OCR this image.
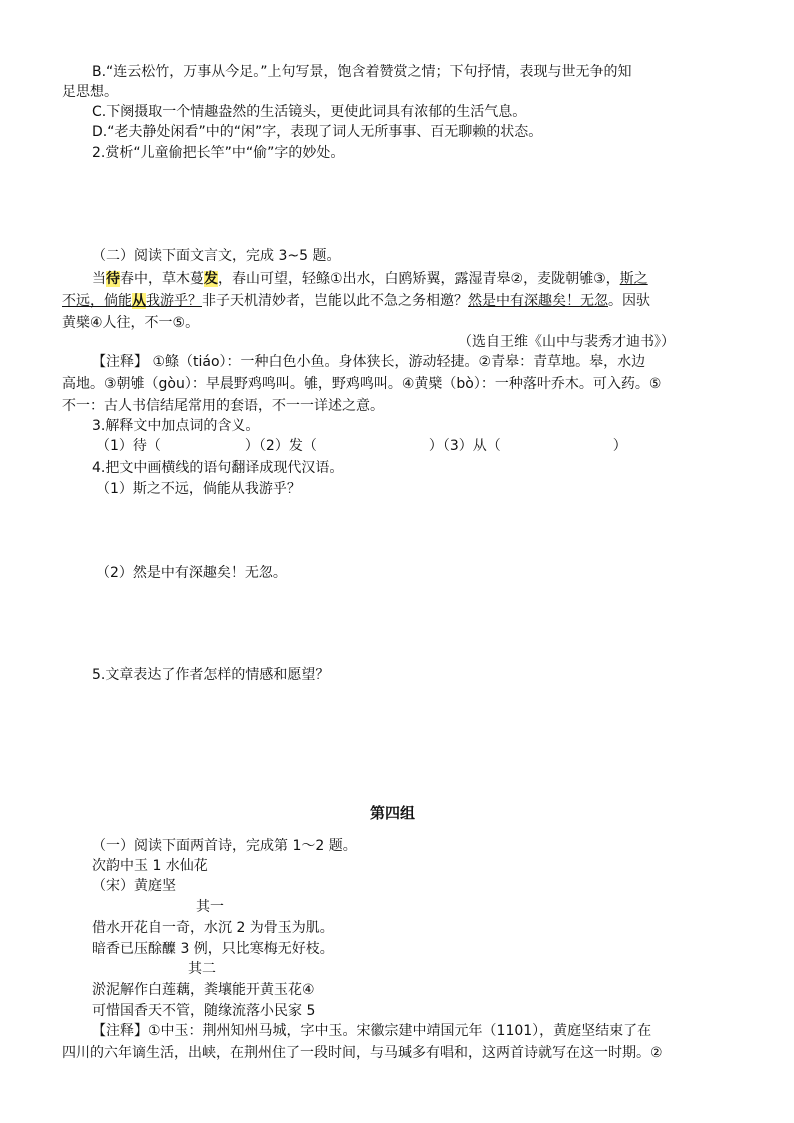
B.“连云松竹，万事从今足。”上句写景，饱含着赞赏之情；下句抒情，表现与世无争的知
足思想。
C.下阕摄取一个情趣盎然的生活镜头，更使此词具有浓郁的生活气息。
D.“老夫静处闲看”中的“闲”字，表现了词人无所事事、百无聊赖的状态。
2.赏析“儿童偷把长竿”中“偷”字的妙处。
（二）阅读下面文言文，完成 3~5 题。
当待春中，草木蔓发，春山可望，轻鲦①出水，白鸥矫翼，露湿青皋②，麦陇朝雊③，斯之
不远，倘能从我游乎？非子天机清妙者，岂能以此不急之务相邀？然是中有深趣矣！无忽。因驮
黄檗④人往，不一⑤。
（选自王维《山中与裴秀才迪书》）
【注释】 ①鲦（tiáo）：一种白色小鱼。身体狭长，游动轻捷。②青皋：青草地。皋，水边
高地。③朝雊（gòu）：早晨野鸡鸣叫。雊，野鸡鸣叫。④黄檗（bò）：一种落叶乔木。可入药。⑤
不一：古人书信结尾常用的套语，不一一详述之意。
3.解释文中加点词的含义。
（1）待（　　　　　　）（2）发（　　　　　　　　）（3）从（　　　　　　　　）
4.把文中画横线的语句翻译成现代汉语。
（1）斯之不远，倘能从我游乎？
（2）然是中有深趣矣！无忽。
5.文章表达了作者怎样的情感和愿望？
第四组
（一）阅读下面两首诗，完成第 1～2 题。
次韵中玉 1 水仙花
（宋）黄庭坚
其一
借水开花自一奇，水沉 2 为骨玉为肌。
暗香已压酴醾 3 例，只比寒梅无好枝。
其二
淤泥解作白莲藕，粪壤能开黄玉花④
可惜国香天不管，随缘流落小民家 5
【注释】①中玉：荆州知州马城，字中玉。宋徽宗建中靖国元年（1101），黄庭坚结束了在
四川的六年谪生活，出峡，在荆州住了一段时间，与马瑊多有唱和，这两首诗就写在这一时期。②
